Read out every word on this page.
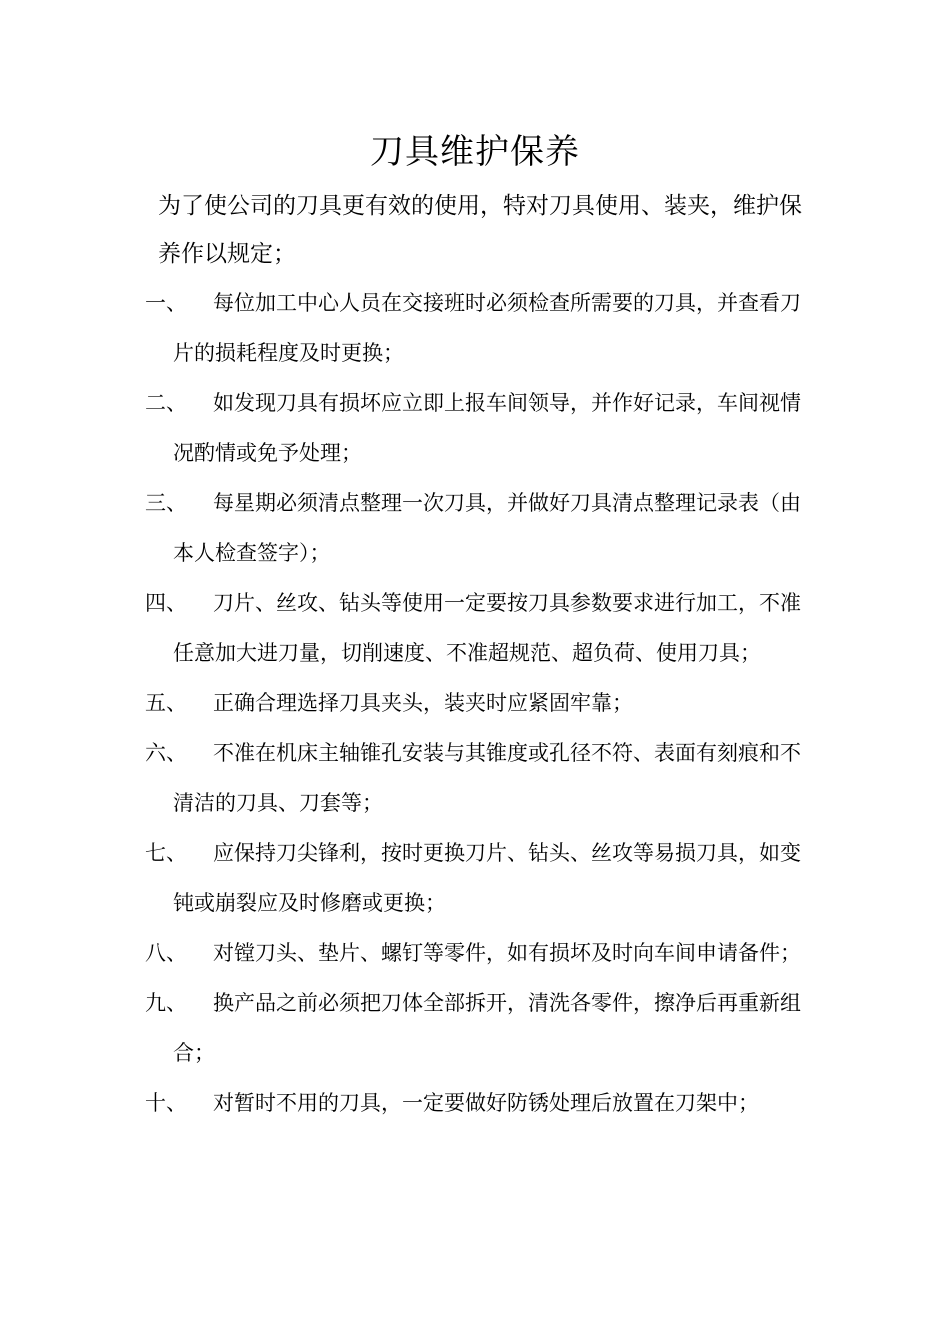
刀具维护保养
为了使公司的刀具更有效的使用，特对刀具使用、装夹，维护保养作以规定；
一、	每位加工中心人员在交接班时必须检查所需要的刀具，并查看刀片的损耗程度及时更换；
二、	如发现刀具有损坏应立即上报车间领导，并作好记录，车间视情况酌情或免予处理；
三、	每星期必须清点整理一次刀具，并做好刀具清点整理记录表（由本人检查签字）；
四、	刀片、丝攻、钻头等使用一定要按刀具参数要求进行加工，不准任意加大进刀量，切削速度、不准超规范、超负荷、使用刀具；
五、	正确合理选择刀具夹头，装夹时应紧固牢靠；
六、	不准在机床主轴锥孔安装与其锥度或孔径不符、表面有刻痕和不清洁的刀具、刀套等；
七、	应保持刀尖锋利，按时更换刀片、钻头、丝攻等易损刀具，如变钝或崩裂应及时修磨或更换；
八、	对镗刀头、垫片、螺钉等零件，如有损坏及时向车间申请备件；
九、	换产品之前必须把刀体全部拆开，清洗各零件，擦净后再重新组合；
十、	对暂时不用的刀具，一定要做好防锈处理后放置在刀架中；
